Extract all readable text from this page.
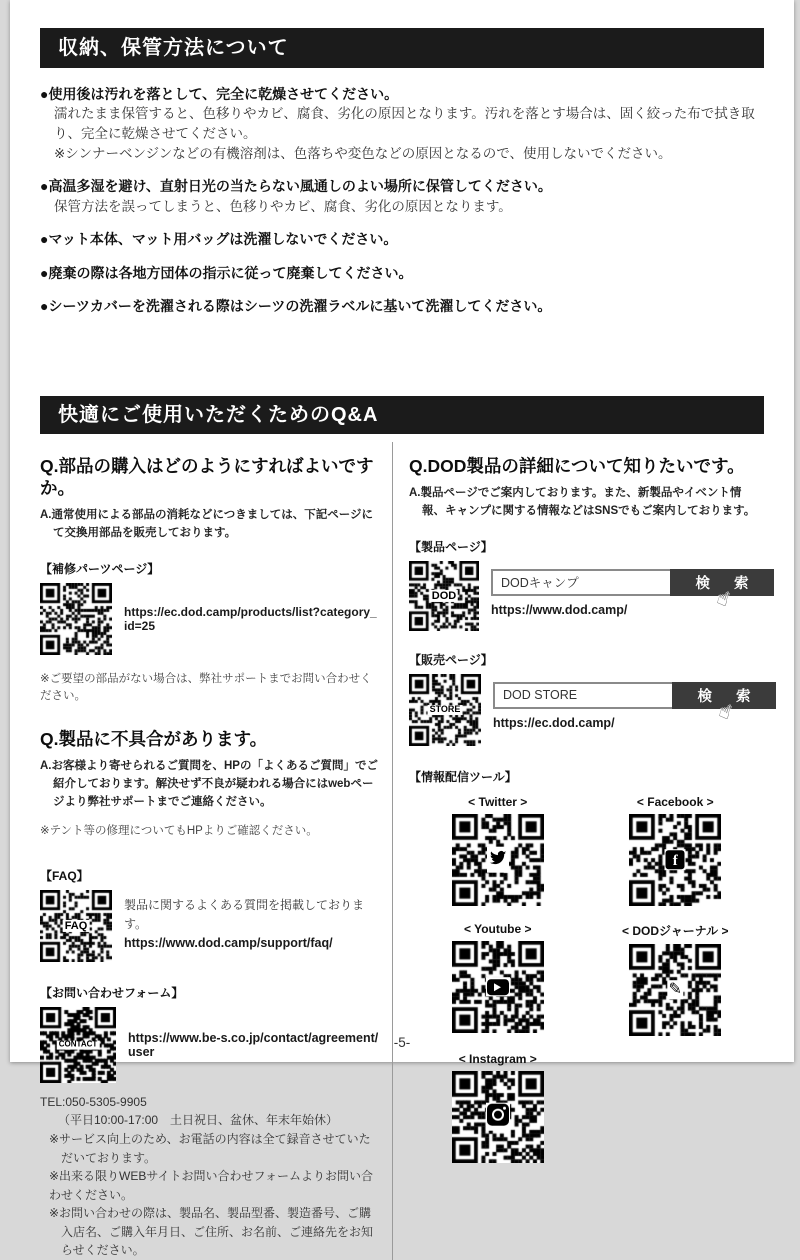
収納、保管方法について
●使用後は汚れを落として、完全に乾燥させてください。
濡れたまま保管すると、色移りやカビ、腐食、劣化の原因となります。汚れを落とす場合は、固く絞った布で拭き取り、完全に乾燥させてください。
※シンナーベンジンなどの有機溶剤は、色落ちや変色などの原因となるので、使用しないでください。
●高温多湿を避け、直射日光の当たらない風通しのよい場所に保管してください。
保管方法を誤ってしまうと、色移りやカビ、腐食、劣化の原因となります。
●マット本体、マット用バッグは洗濯しないでください。
●廃棄の際は各地方団体の指示に従って廃棄してください。
●シーツカバーを洗濯される際はシーツの洗濯ラベルに基いて洗濯してください。
快適にご使用いただくためのQ&A
Q.部品の購入はどのようにすればよいですか。
A.通常使用による部品の消耗などにつきましては、下記ページにて交換用部品を販売しております。
【補修パーツページ】
https://ec.dod.camp/products/list?category_id=25
※ご要望の部品がない場合は、弊社サポートまでお問い合わせください。
Q.製品に不具合があります。
A.お客様より寄せられるご質問を、HPの「よくあるご質問」でご紹介しております。解決せず不良が疑われる場合にはwebページより弊社サポートまでご連絡ください。
※テント等の修理についてもHPよりご確認ください。
【FAQ】
FAQ
製品に関するよくある質問を掲載しております。
https://www.dod.camp/support/faq/
【お問い合わせフォーム】
CONTACT https://www.be-s.co.jp/contact/agreement/user
TEL:050-5305-9905
（平日10:00-17:00　土日祝日、盆休、年末年始休）
※サービス向上のため、お電話の内容は全て録音させていただいております。
※出来る限りWEBサイトお問い合わせフォームよりお問い合わせください。
※お問い合わせの際は、製品名、製品型番、製造番号、ご購入店名、ご購入年月日、ご住所、お名前、ご連絡先をお知らせください。
Q.DOD製品の詳細について知りたいです。
A.製品ページでご案内しております。また、新製品やイベント情報、キャンプに関する情報などはSNSでもご案内しております。
【製品ページ】
DOD
DODキャンプ
検 索
☝
https://www.dod.camp/
【販売ページ】
STORE
DOD STORE
検 索
☝
https://ec.dod.camp/
【情報配信ツール】
< Twitter >	< Facebook >
f
< Youtube >	< DODジャーナル >
✎
< Instagram >
-5-
